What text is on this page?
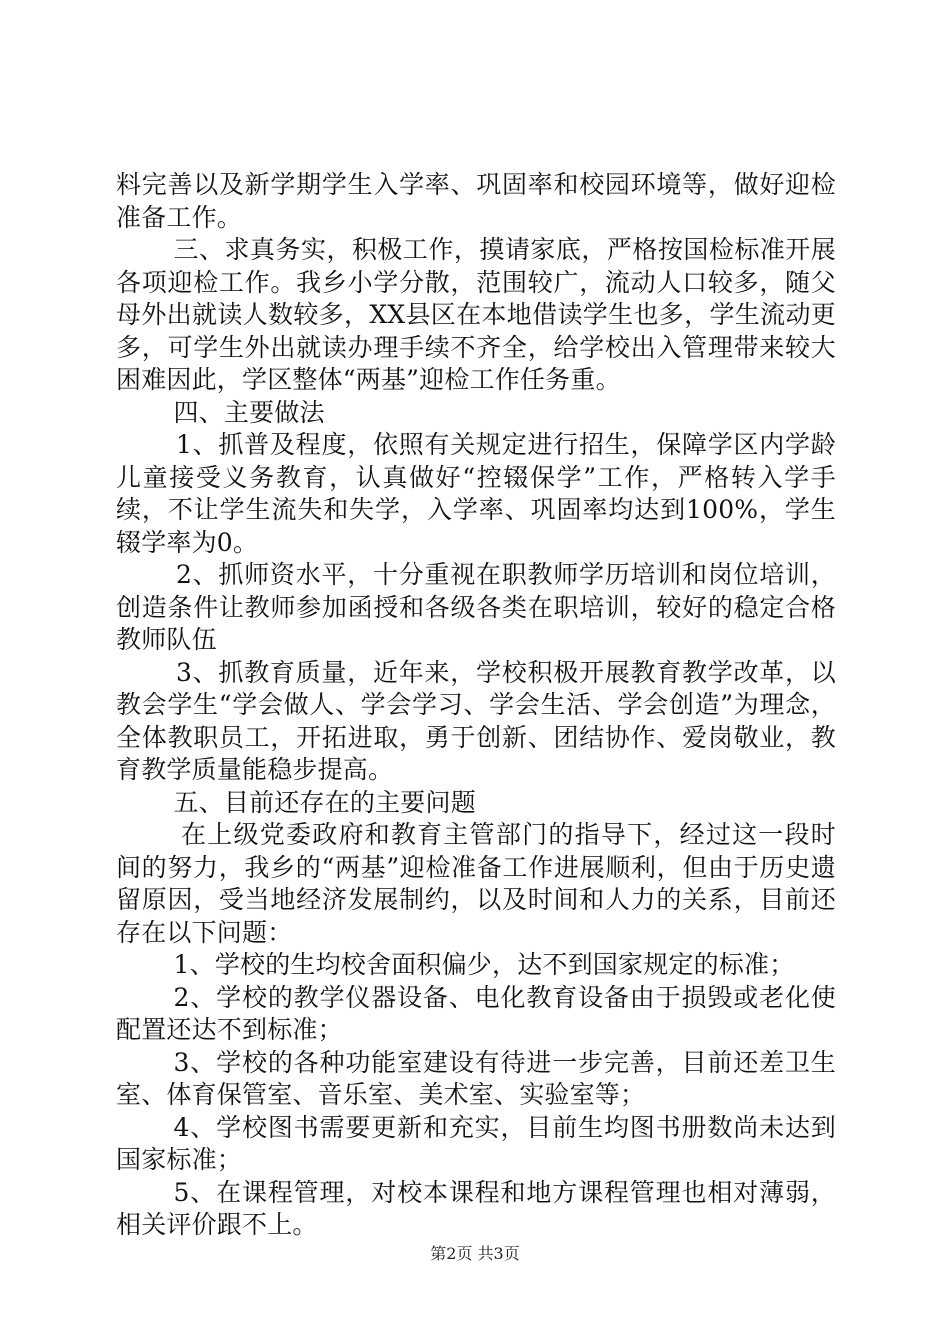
料完善以及新学期学生入学率、巩固率和校园环境等，做好迎检准备工作。

三、求真务实，积极工作，摸请家底，严格按国检标准开展各项迎检工作。我乡小学分散，范围较广，流动人口较多，随父母外出就读人数较多，XX县区在本地借读学生也多，学生流动更多，可学生外出就读办理手续不齐全，给学校出入管理带来较大困难因此，学区整体“两基”迎检工作任务重。

四、主要做法

1、抓普及程度，依照有关规定进行招生，保障学区内学龄儿童接受义务教育，认真做好“控辍保学”工作，严格转入学手续，不让学生流失和失学，入学率、巩固率均达到100%，学生辍学率为0。

2、抓师资水平，十分重视在职教师学历培训和岗位培训，创造条件让教师参加函授和各级各类在职培训，较好的稳定合格教师队伍

3、抓教育质量，近年来，学校积极开展教育教学改革，以教会学生“学会做人、学会学习、学会生活、学会创造”为理念，全体教职员工，开拓进取，勇于创新、团结协作、爱岗敬业，教育教学质量能稳步提高。

五、目前还存在的主要问题

在上级党委政府和教育主管部门的指导下，经过这一段时间的努力，我乡的“两基”迎检准备工作进展顺利，但由于历史遗留原因，受当地经济发展制约，以及时间和人力的关系，目前还存在以下问题：

1、学校的生均校舍面积偏少，达不到国家规定的标准；

2、学校的教学仪器设备、电化教育设备由于损毁或老化使配置还达不到标准；

3、学校的各种功能室建设有待进一步完善，目前还差卫生室、体育保管室、音乐室、美术室、实验室等；

4、学校图书需要更新和充实，目前生均图书册数尚未达到国家标准；

5、在课程管理，对校本课程和地方课程管理也相对薄弱，相关评价跟不上。

第2页 共3页
